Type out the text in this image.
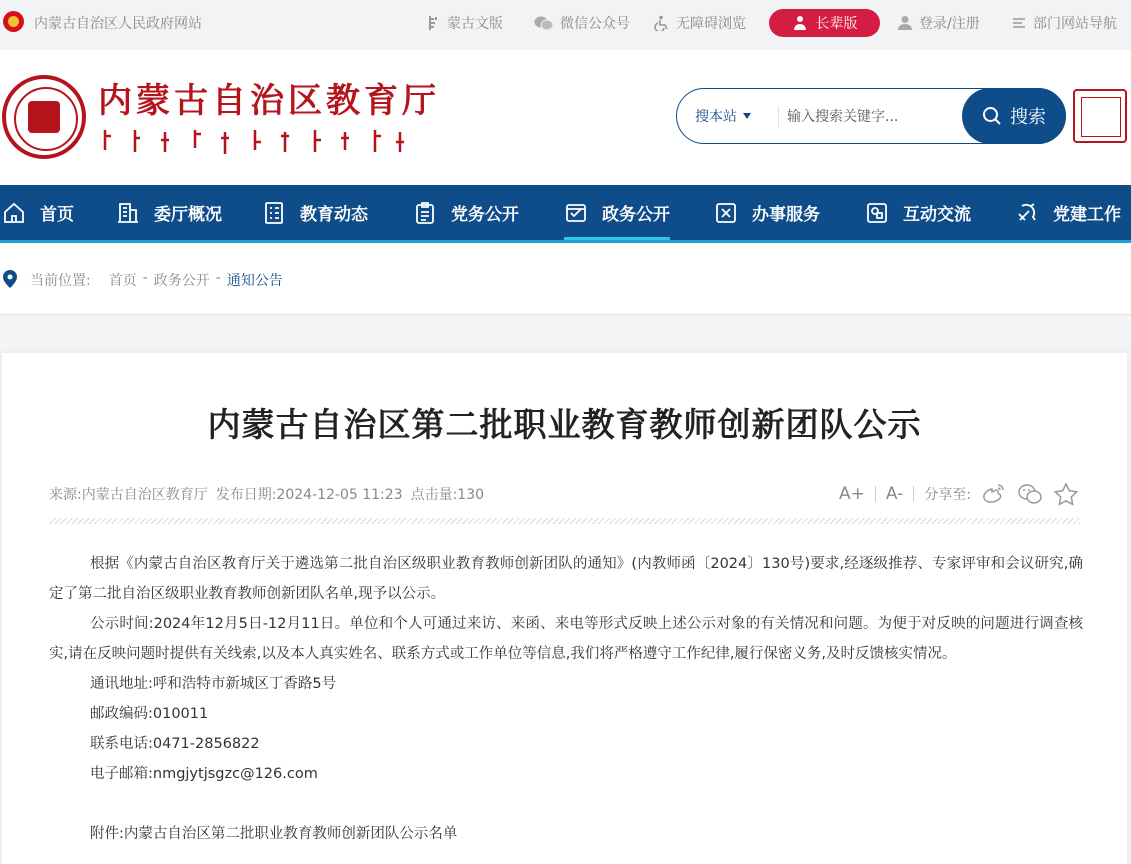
内蒙古自治区人民政府网站	蒙古文版	微信公众号	无障碍浏览	长辈版	登录/注册	部门网站导航
内蒙古自治区教育厅	搜本站
输入搜索关键字...	搜索
首页	委厅概况	教育动态	党务公开	政务公开	办事服务	互动交流	党建工作
当前位置: 首页 - 政务公开 - 通知公告
内蒙古自治区第二批职业教育教师创新团队公示
来源:内蒙古自治区教育厅 发布日期:2024-12-05 11:23 点击量:130	A+ A- 分享至:

根据《内蒙古自治区教育厅关于遴选第二批自治区级职业教育教师创新团队的通知》(内教师函〔2024〕130号)要求,经逐级推荐、专家评审和会议研究,确定了第二批自治区级职业教育教师创新团队名单,现予以公示。

公示时间:2024年12月5日-12月11日。单位和个人可通过来访、来函、来电等形式反映上述公示对象的有关情况和问题。为便于对反映的问题进行调查核实,请在反映问题时提供有关线索,以及本人真实姓名、联系方式或工作单位等信息,我们将严格遵守工作纪律,履行保密义务,及时反馈核实情况。

通讯地址:呼和浩特市新城区丁香路5号

邮政编码:010011

联系电话:0471-2856822

电子邮箱:nmgjytjsgzc@126.com

附件:内蒙古自治区第二批职业教育教师创新团队公示名单
